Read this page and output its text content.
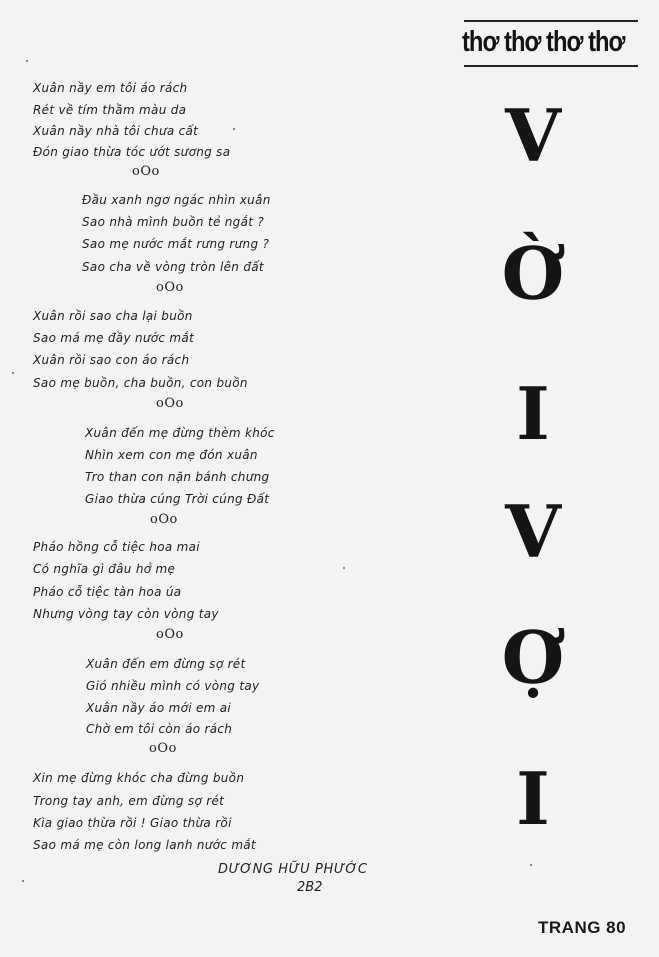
thơ thơ thơ thơ
Xuân nầy em tôi áo rách
Rét về tím thầm màu da
Xuân nầy nhà tôi chưa cất
Đón giao thừa tóc ướt sương sa
oOo
Đầu xanh ngơ ngác nhìn xuân
Sao nhà mình buồn tẻ ngắt ?
Sao mẹ nước mắt rưng rưng ?
Sao cha về vòng tròn lên đất
oOo
Xuân rồi sao cha lại buồn
Sao má mẹ đầy nước mắt
Xuân rồi sao con áo rách
Sao mẹ buồn, cha buồn, con buồn
oOo
Xuân đến mẹ đừng thèm khóc
Nhìn xem con mẹ đón xuân
Tro than con nặn bánh chưng
Giao thừa cúng Trời cúng Đất
oOo
Pháo hồng cỗ tiệc hoa mai
Có nghĩa gì đâu hở mẹ
Pháo cỗ tiệc tàn hoa úa
Nhưng vòng tay còn vòng tay
oOo
Xuân đến em đừng sợ rét
Gió nhiều mình có vòng tay
Xuân nầy áo mới em ai
Chờ em tôi còn áo rách
oOo
Xin mẹ đừng khóc cha đừng buồn
Trong tay anh, em đừng sợ rét
Kìa giao thừa rồi ! Giao thừa rồi
Sao má mẹ còn long lanh nước mắt
DƯƠNG HỮU PHƯỚC
2B2
V
Ờ
I
V
Ợ
I
TRANG 80
